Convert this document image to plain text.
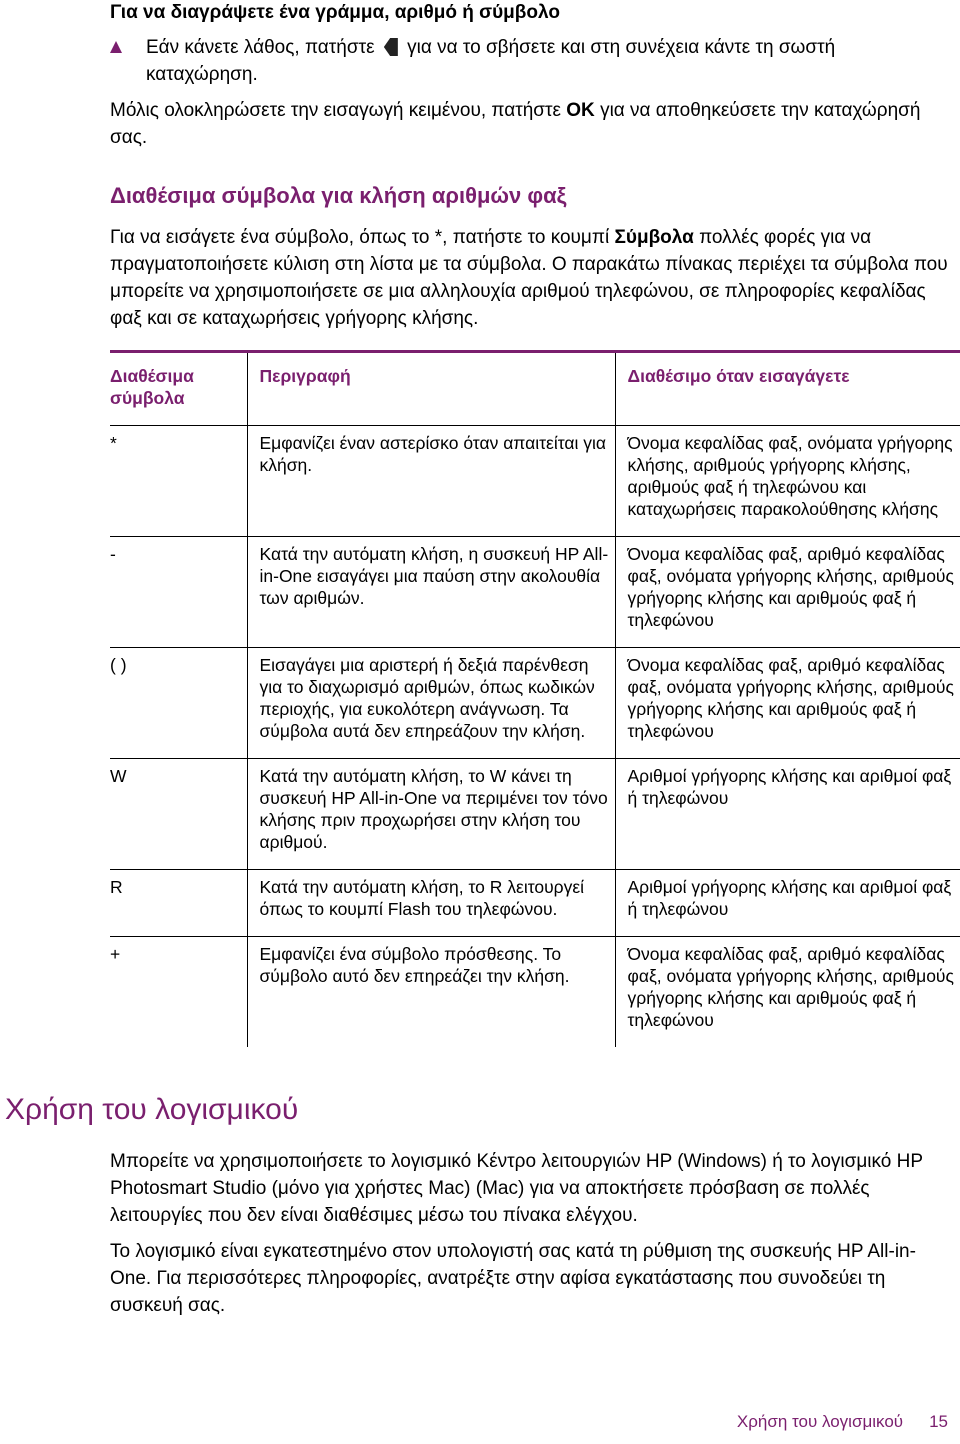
Για να διαγράψετε ένα γράμμα, αριθμό ή σύμβολο
Εάν κάνετε λάθος, πατήστε για να το σβήσετε και στη συνέχεια κάντε τη σωστή καταχώρηση.
Μόλις ολοκληρώσετε την εισαγωγή κειμένου, πατήστε OK για να αποθηκεύσετε την καταχώρησή σας.
Διαθέσιμα σύμβολα για κλήση αριθμών φαξ
Για να εισάγετε ένα σύμβολο, όπως το *, πατήστε το κουμπί Σύμβολα πολλές φορές για να πραγματοποιήσετε κύλιση στη λίστα με τα σύμβολα. Ο παρακάτω πίνακας περιέχει τα σύμβολα που μπορείτε να χρησιμοποιήσετε σε μια αλληλουχία αριθμού τηλεφώνου, σε πληροφορίες κεφαλίδας φαξ και σε καταχωρήσεις γρήγορης κλήσης.
Διαθέσιμα σύμβολα	Περιγραφή	Διαθέσιμο όταν εισαγάγετε
*	Εμφανίζει έναν αστερίσκο όταν απαιτείται για κλήση.	Όνομα κεφαλίδας φαξ, ονόματα γρήγορης κλήσης, αριθμούς γρήγορης κλήσης, αριθμούς φαξ ή τηλεφώνου και καταχωρήσεις παρακολούθησης κλήσης

-	Κατά την αυτόματη κλήση, η συσκευή HP All-in-One εισαγάγει μια παύση στην ακολουθία των αριθμών.	Όνομα κεφαλίδας φαξ, αριθμό κεφαλίδας φαξ, ονόματα γρήγορης κλήσης, αριθμούς γρήγορης κλήσης και αριθμούς φαξ ή τηλεφώνου

( )	Εισαγάγει μια αριστερή ή δεξιά παρένθεση για το διαχωρισμό αριθμών, όπως κωδικών περιοχής, για ευκολότερη ανάγνωση. Τα σύμβολα αυτά δεν επηρεάζουν την κλήση.	Όνομα κεφαλίδας φαξ, αριθμό κεφαλίδας φαξ, ονόματα γρήγορης κλήσης, αριθμούς γρήγορης κλήσης και αριθμούς φαξ ή τηλεφώνου

W	Κατά την αυτόματη κλήση, το W κάνει τη συσκευή HP All-in-One να περιμένει τον τόνο κλήσης πριν προχωρήσει στην κλήση του αριθμού.	Αριθμοί γρήγορης κλήσης και αριθμοί φαξ ή τηλεφώνου

R	Κατά την αυτόματη κλήση, το R λειτουργεί όπως το κουμπί Flash του τηλεφώνου.	Αριθμοί γρήγορης κλήσης και αριθμοί φαξ ή τηλεφώνου

+	Εμφανίζει ένα σύμβολο πρόσθεσης. Το σύμβολο αυτό δεν επηρεάζει την κλήση.	Όνομα κεφαλίδας φαξ, αριθμό κεφαλίδας φαξ, ονόματα γρήγορης κλήσης, αριθμούς γρήγορης κλήσης και αριθμούς φαξ ή τηλεφώνου
Χρήση του λογισμικού
Μπορείτε να χρησιμοποιήσετε το λογισμικό Κέντρο λειτουργιών HP (Windows) ή το λογισμικό HP Photosmart Studio (μόνο για χρήστες Mac) (Mac) για να αποκτήσετε πρόσβαση σε πολλές λειτουργίες που δεν είναι διαθέσιμες μέσω του πίνακα ελέγχου.
Το λογισμικό είναι εγκατεστημένο στον υπολογιστή σας κατά τη ρύθμιση της συσκευής HP All-in-One. Για περισσότερες πληροφορίες, ανατρέξτε στην αφίσα εγκατάστασης που συνοδεύει τη συσκευή σας.
Χρήση του λογισμικού 15
